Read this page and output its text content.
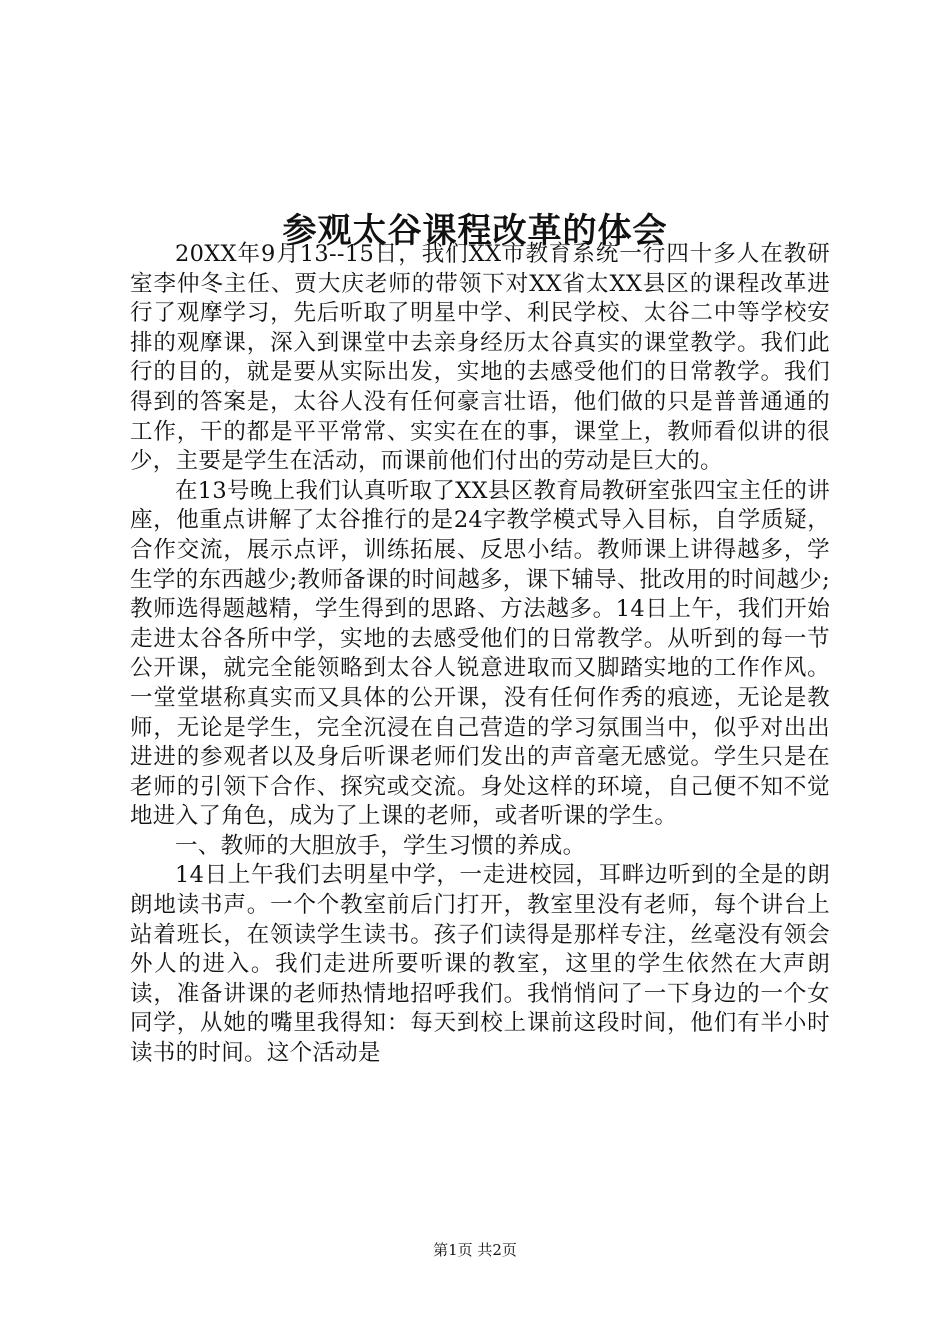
参观太谷课程改革的体会

20XX年9月13--15日，我们XX市教育系统一行四十多人在教研室李仲冬主任、贾大庆老师的带领下对XX省太XX县区的课程改革进行了观摩学习，先后听取了明星中学、利民学校、太谷二中等学校安排的观摩课，深入到课堂中去亲身经历太谷真实的课堂教学。我们此行的目的，就是要从实际出发，实地的去感受他们的日常教学。我们得到的答案是，太谷人没有任何豪言壮语，他们做的只是普普通通的工作，干的都是平平常常、实实在在的事，课堂上，教师看似讲的很少，主要是学生在活动，而课前他们付出的劳动是巨大的。

在13号晚上我们认真听取了XX县区教育局教研室张四宝主任的讲座，他重点讲解了太谷推行的是24字教学模式导入目标，自学质疑，合作交流，展示点评，训练拓展、反思小结。教师课上讲得越多，学生学的东西越少;教师备课的时间越多，课下辅导、批改用的时间越少;教师选得题越精，学生得到的思路、方法越多。14日上午，我们开始走进太谷各所中学，实地的去感受他们的日常教学。从听到的每一节公开课，就完全能领略到太谷人锐意进取而又脚踏实地的工作作风。一堂堂堪称真实而又具体的公开课，没有任何作秀的痕迹，无论是教师，无论是学生，完全沉浸在自己营造的学习氛围当中，似乎对出出进进的参观者以及身后听课老师们发出的声音毫无感觉。学生只是在老师的引领下合作、探究或交流。身处这样的环境，自己便不知不觉地进入了角色，成为了上课的老师，或者听课的学生。

一、教师的大胆放手，学生习惯的养成。

14日上午我们去明星中学，一走进校园，耳畔边听到的全是的朗朗地读书声。一个个教室前后门打开，教室里没有老师，每个讲台上站着班长，在领读学生读书。孩子们读得是那样专注，丝毫没有领会外人的进入。我们走进所要听课的教室，这里的学生依然在大声朗读，准备讲课的老师热情地招呼我们。我悄悄问了一下身边的一个女同学，从她的嘴里我得知：每天到校上课前这段时间，他们有半小时读书的时间。这个活动是

第1页 共2页
